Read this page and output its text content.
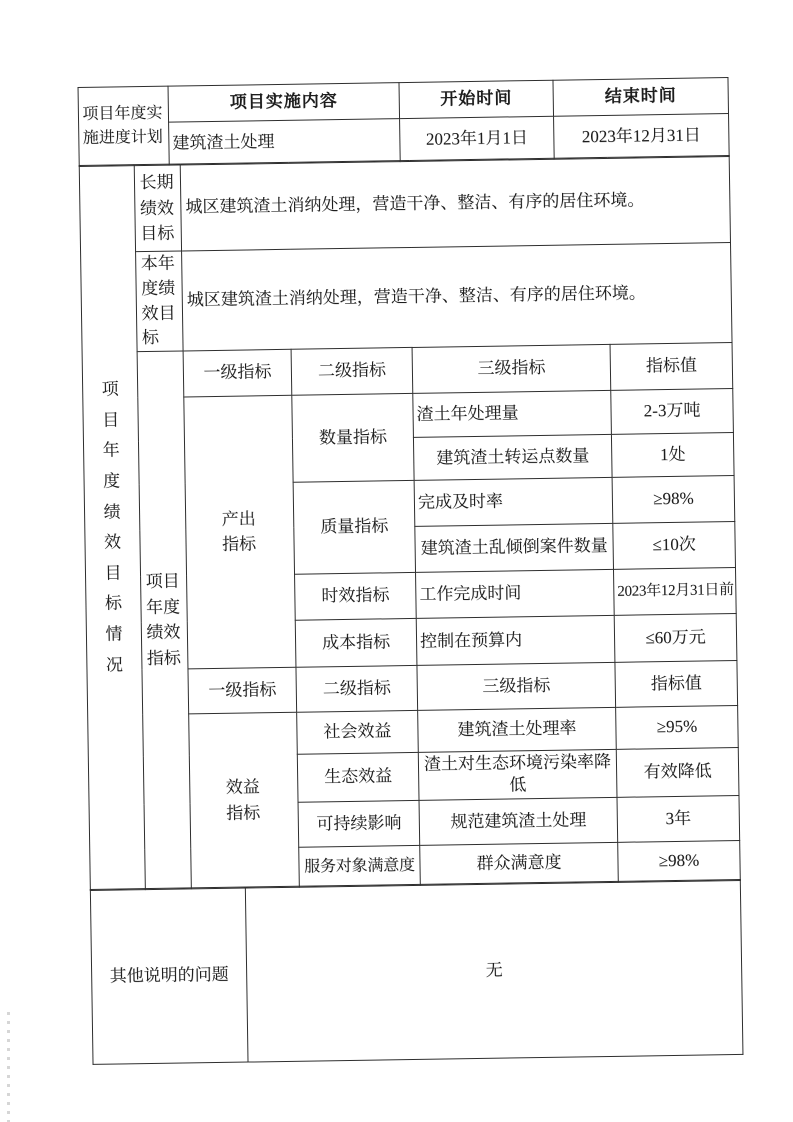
项目年度实施进度计划	项目实施内容	开始时间	结束时间
	建筑渣土处理	2023年1月1日	2023年12月31日
项目年度绩效目标情况	长期绩效目标	城区建筑渣土消纳处理，营造干净、整洁、有序的居住环境。			

	本年度绩效目标	城区建筑渣土消纳处理，营造干净、整洁、有序的居住环境。			

	项目年度绩效指标	一级指标	二级指标	三级指标	指标值

		产出指标	数量指标	渣土年处理量	2-3万吨
				建筑渣土转运点数量	1处
			质量指标	完成及时率	≥98%
				建筑渣土乱倾倒案件数量	≤10次
			时效指标	工作完成时间	2023年12月31日前
			成本指标	控制在预算内	≤60万元
		一级指标	二级指标	三级指标	指标值

		效益指标	社会效益	建筑渣土处理率	≥95%
			生态效益	渣土对生态环境污染率降低	有效降低
			可持续影响	规范建筑渣土处理	3年
			服务对象满意度	群众满意度	≥98%
其他说明的问题	无
